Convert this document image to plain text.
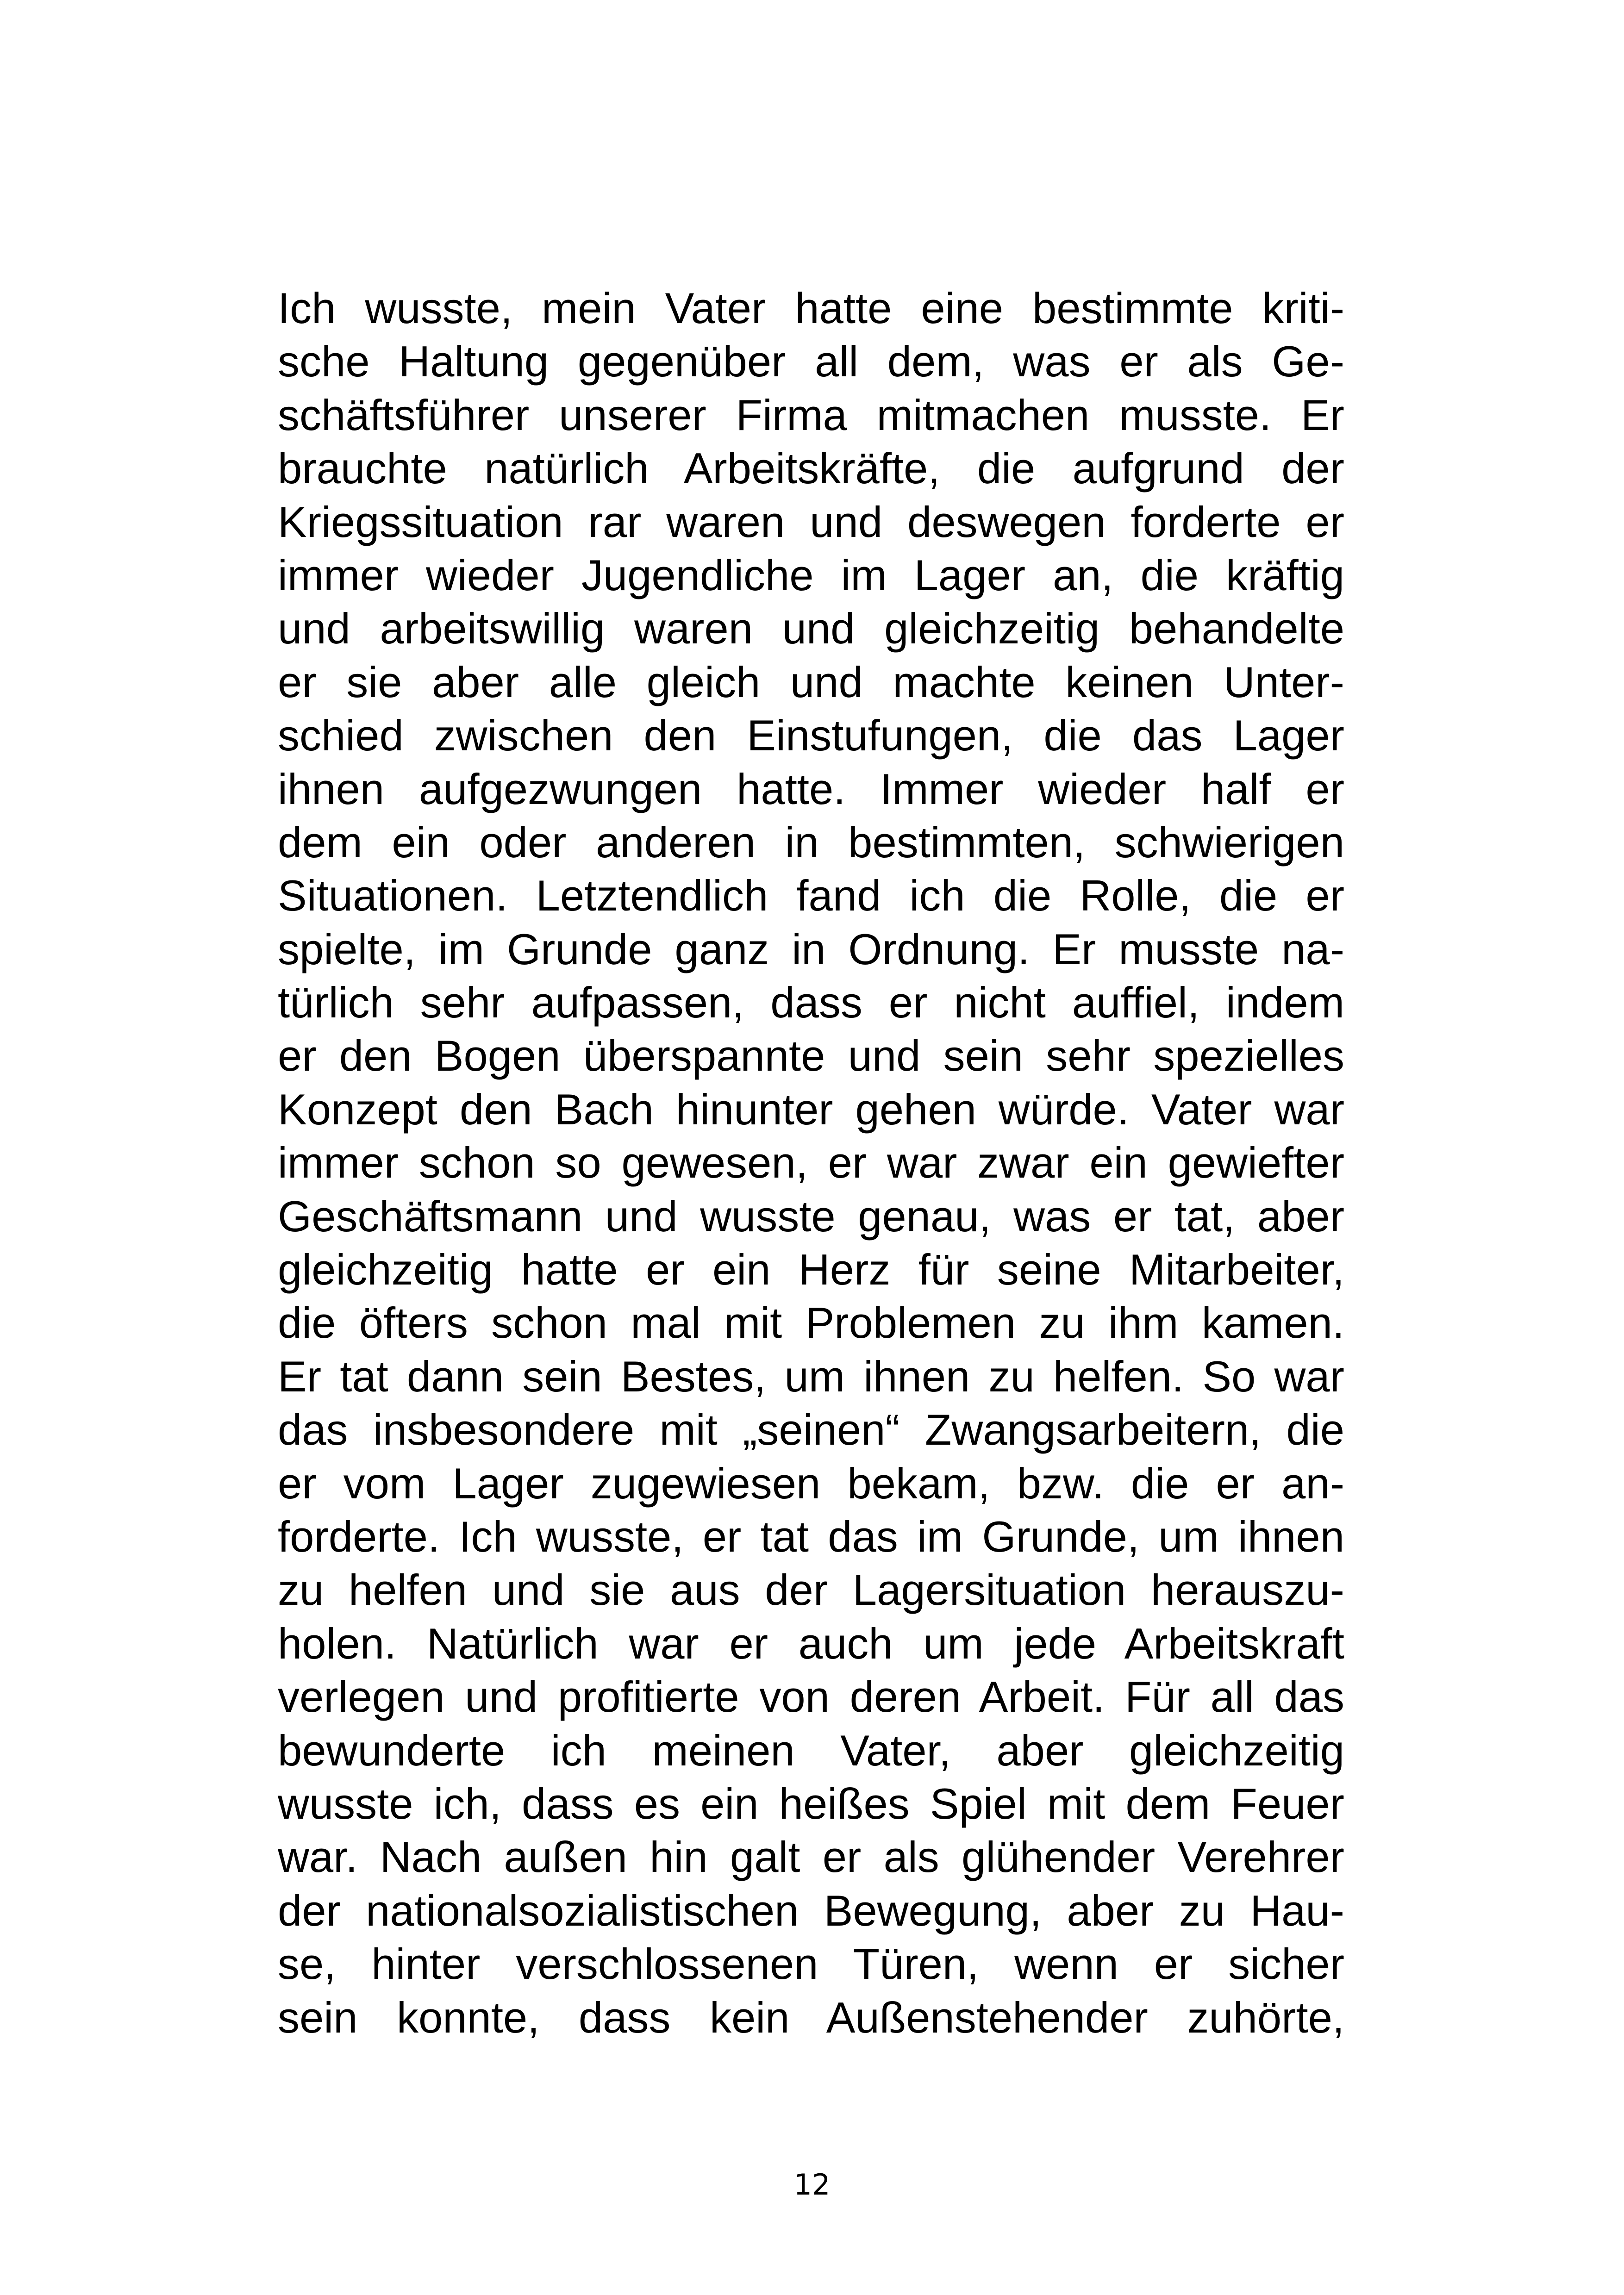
Ich wusste, mein Vater hatte eine bestimmte kriti-
sche Haltung gegenüber all dem, was er als Ge-
schäftsführer unserer Firma mitmachen musste. Er
brauchte natürlich Arbeitskräfte, die aufgrund der
Kriegssituation rar waren und deswegen forderte er
immer wieder Jugendliche im Lager an, die kräftig
und arbeitswillig waren und gleichzeitig behandelte
er sie aber alle gleich und machte keinen Unter-
schied zwischen den Einstufungen, die das Lager
ihnen aufgezwungen hatte. Immer wieder half er
dem ein oder anderen in bestimmten, schwierigen
Situationen. Letztendlich fand ich die Rolle, die er
spielte, im Grunde ganz in Ordnung. Er musste na-
türlich sehr aufpassen, dass er nicht auffiel, indem
er den Bogen überspannte und sein sehr spezielles
Konzept den Bach hinunter gehen würde. Vater war
immer schon so gewesen, er war zwar ein gewiefter
Geschäftsmann und wusste genau, was er tat, aber
gleichzeitig hatte er ein Herz für seine Mitarbeiter,
die öfters schon mal mit Problemen zu ihm kamen.
Er tat dann sein Bestes, um ihnen zu helfen. So war
das insbesondere mit „seinen“ Zwangsarbeitern, die
er vom Lager zugewiesen bekam, bzw. die er an-
forderte. Ich wusste, er tat das im Grunde, um ihnen
zu helfen und sie aus der Lagersituation herauszu-
holen. Natürlich war er auch um jede Arbeitskraft
verlegen und profitierte von deren Arbeit. Für all das
bewunderte ich meinen Vater, aber gleichzeitig
wusste ich, dass es ein heißes Spiel mit dem Feuer
war. Nach außen hin galt er als glühender Verehrer
der nationalsozialistischen Bewegung, aber zu Hau-
se, hinter verschlossenen Türen, wenn er sicher
sein konnte, dass kein Außenstehender zuhörte,
12
